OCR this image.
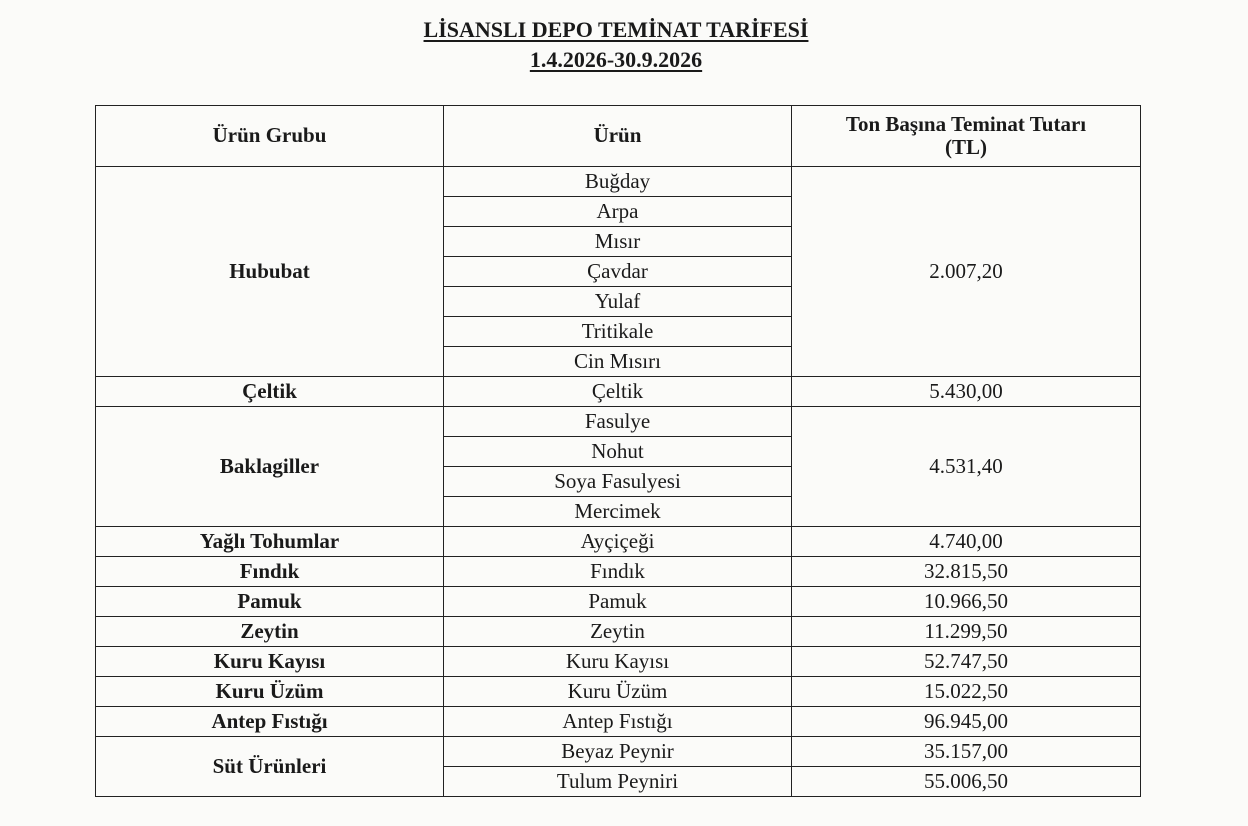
LİSANSLI DEPO TEMİNAT TARİFESİ
1.4.2026-30.9.2026
Ürün Grubu	Ürün	Ton Başına Teminat Tutarı
(TL)
Hububat	Buğday	2.007,20
	Arpa	
	Mısır	
	Çavdar	
	Yulaf	
	Tritikale	
	Cin Mısırı	
Çeltik	Çeltik	5.430,00
Baklagiller	Fasulye	4.531,40
	Nohut	
	Soya Fasulyesi	
	Mercimek	
Yağlı Tohumlar	Ayçiçeği	4.740,00
Fındık	Fındık	32.815,50
Pamuk	Pamuk	10.966,50
Zeytin	Zeytin	11.299,50
Kuru Kayısı	Kuru Kayısı	52.747,50
Kuru Üzüm	Kuru Üzüm	15.022,50
Antep Fıstığı	Antep Fıstığı	96.945,00
Süt Ürünleri	Beyaz Peynir	35.157,00
	Tulum Peyniri	55.006,50
